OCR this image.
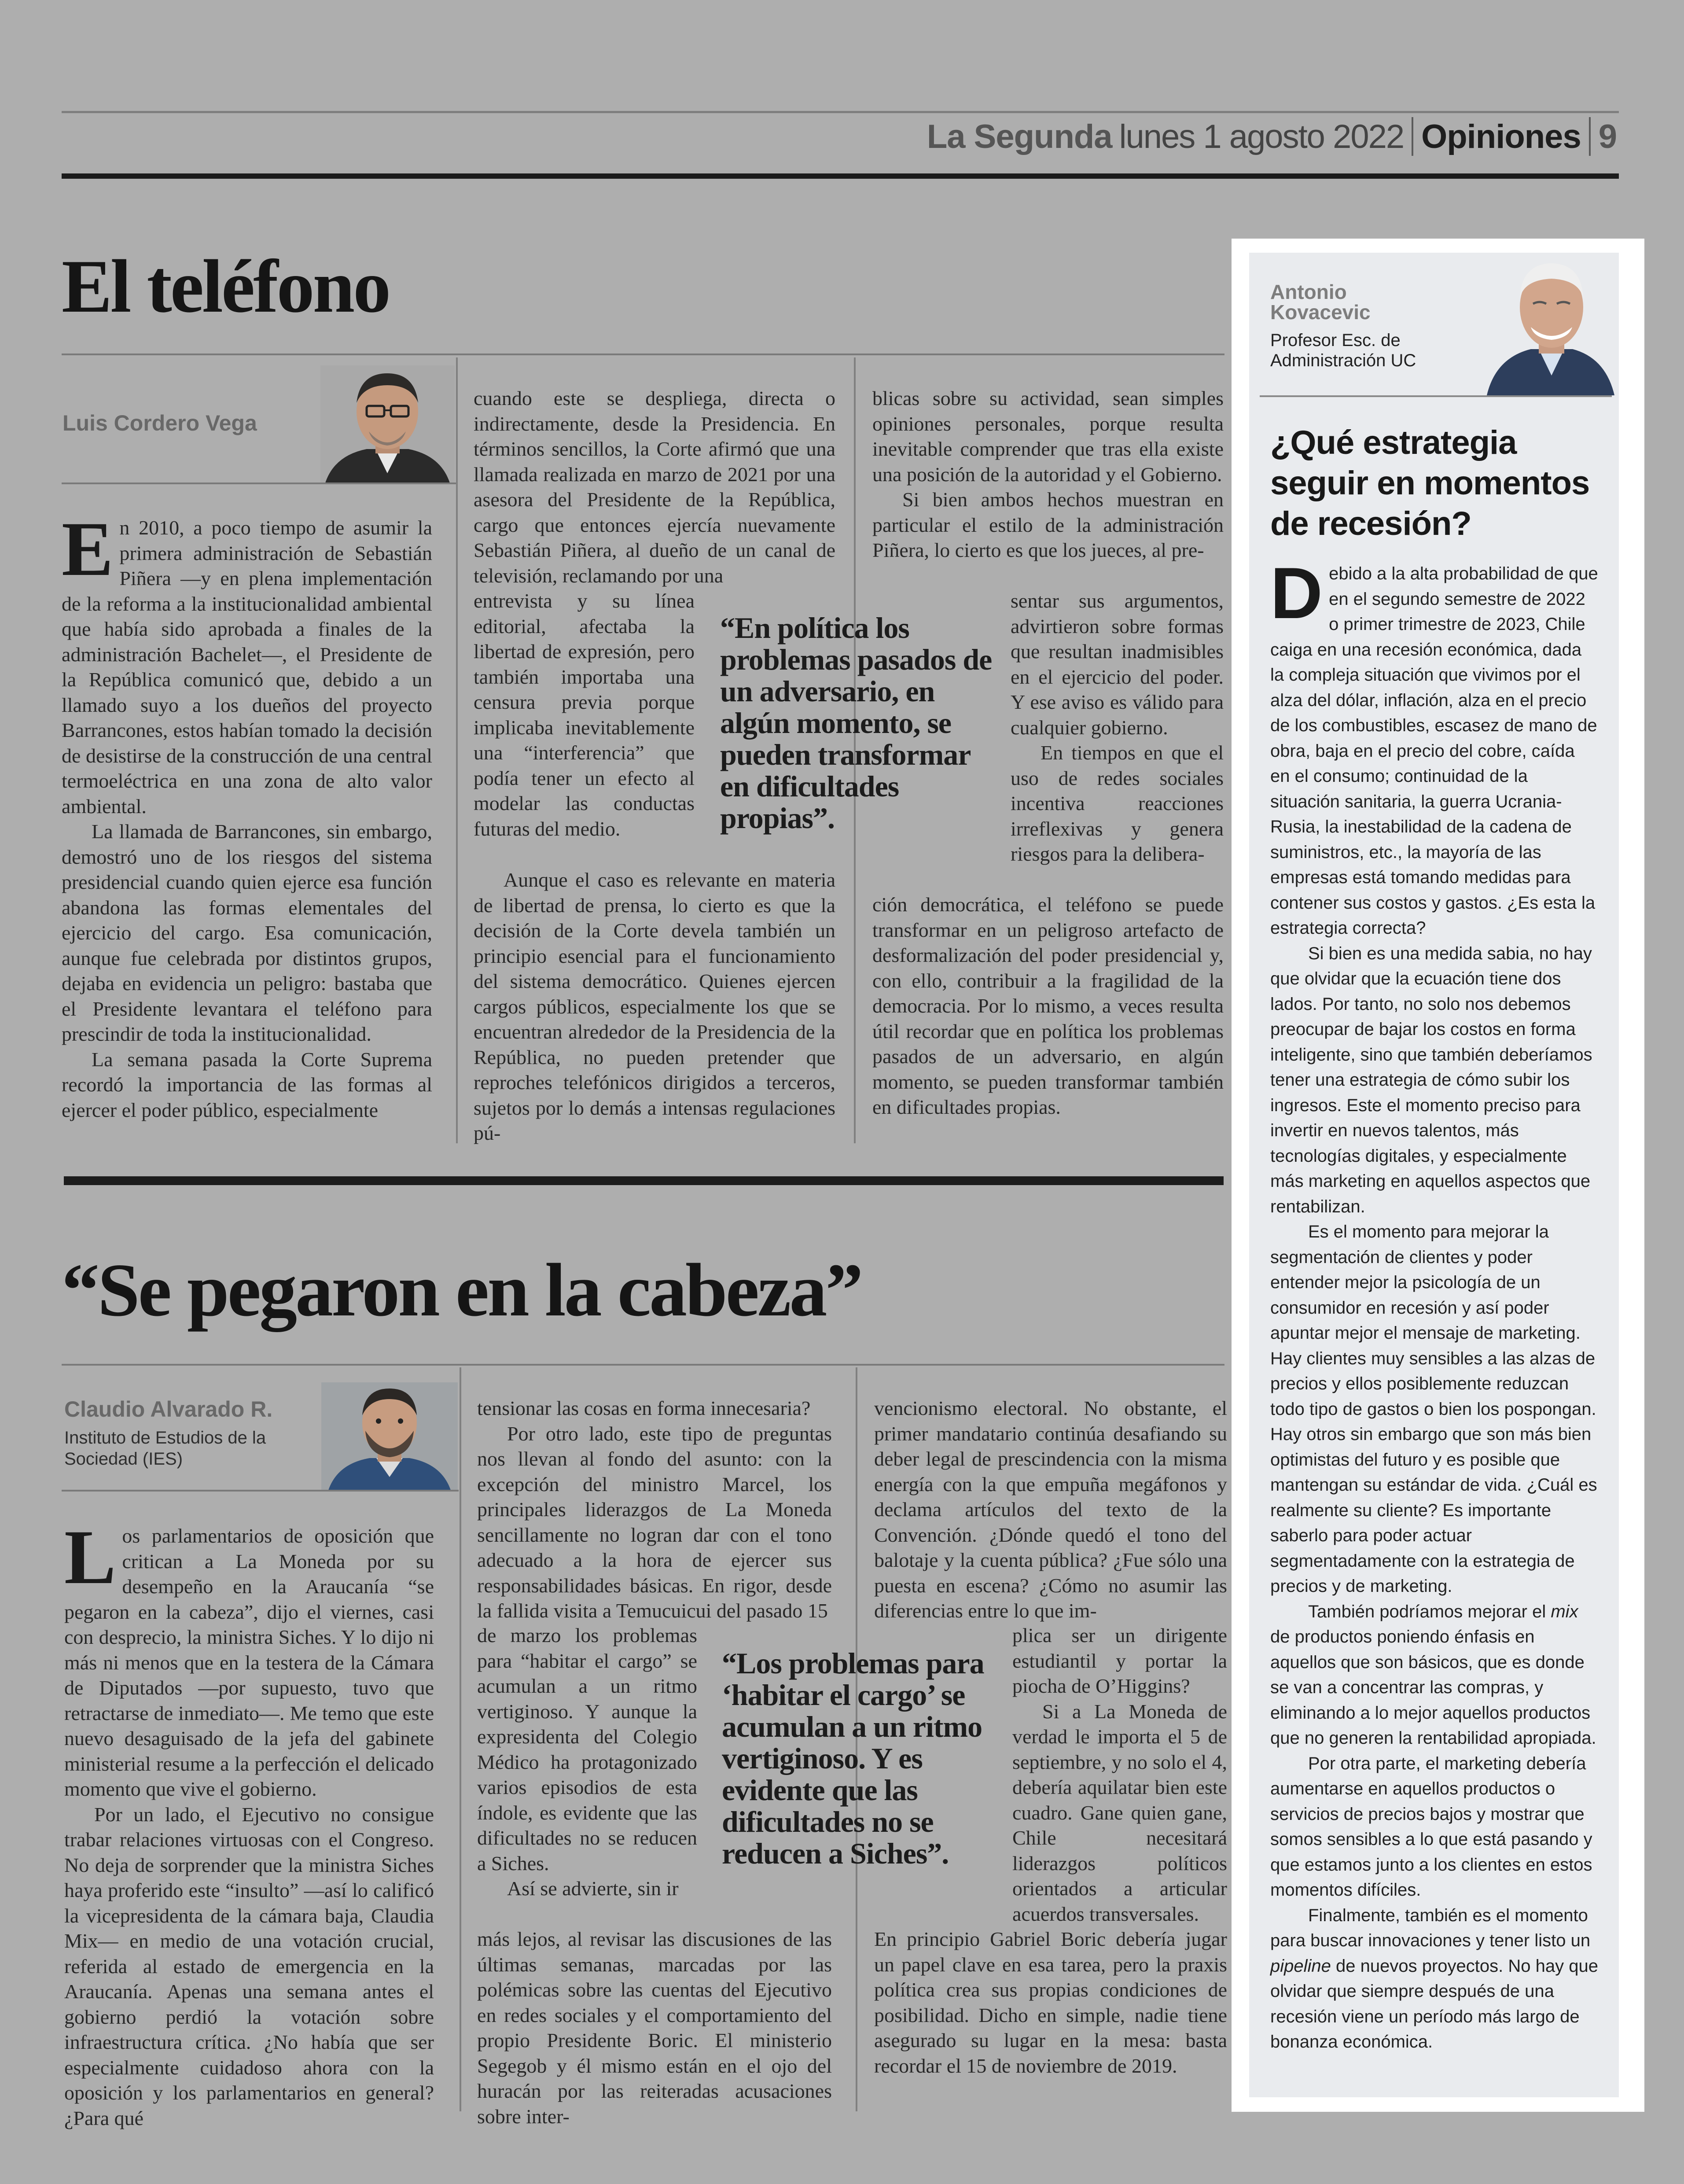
La Segunda lunes 1 agosto 2022 Opiniones 9
El teléfono
Luis Cordero Vega

En 2010, a poco tiempo de asumir la primera administración de Sebastián Piñera —y en plena implementación de la reforma a la institucionalidad ambiental que había sido aprobada a finales de la administración Bachelet—, el Presidente de la República comunicó que, debido a un llamado suyo a los dueños del proyecto Barrancones, estos habían tomado la decisión de desistirse de la construcción de una central termoeléctrica en una zona de alto valor ambiental.

La llamada de Barrancones, sin embargo, demostró uno de los riesgos del sistema presidencial cuando quien ejerce esa función abandona las formas elementales del ejercicio del cargo. Esa comunicación, aunque fue celebrada por distintos grupos, dejaba en evidencia un peligro: bastaba que el Presidente levantara el teléfono para prescindir de toda la institucionalidad.

La semana pasada la Corte Suprema recordó la importancia de las formas al ejercer el poder público, especialmente

cuando este se despliega, directa o indirectamente, desde la Presidencia. En términos sencillos, la Corte afirmó que una llamada realizada en marzo de 2021 por una asesora del Presidente de la República, cargo que entonces ejercía nuevamente Sebastián Piñera, al dueño de un canal de televisión, reclamando por una

entrevista y su línea editorial, afectaba la libertad de expresión, pero también importaba una censura previa porque implicaba inevitablemente una “interferencia” que podía tener un efecto al modelar las conductas futuras del medio.

Aunque el caso es relevante en materia de libertad de prensa, lo cierto es que la decisión de la Corte devela también un principio esencial para el funcionamiento del sistema democrático. Quienes ejercen cargos públicos, especialmente los que se encuentran alrededor de la Presidencia de la República, no pueden pretender que reproches telefónicos dirigidos a terceros, sujetos por lo demás a intensas regulaciones pú-

blicas sobre su actividad, sean simples opiniones personales, porque resulta inevitable comprender que tras ella existe una posición de la autoridad y el Gobierno.

Si bien ambos hechos muestran en particular el estilo de la administración Piñera, lo cierto es que los jueces, al pre-

sentar sus argumentos, advirtieron sobre formas que resultan inadmisibles en el ejercicio del poder. Y ese aviso es válido para cualquier gobierno.

En tiempos en que el uso de redes sociales incentiva reacciones irreflexivas y genera riesgos para la delibera-

ción democrática, el teléfono se puede transformar en un peligroso artefacto de desformalización del poder presidencial y, con ello, contribuir a la fragilidad de la democracia. Por lo mismo, a veces resulta útil recordar que en política los problemas pasados de un adversario, en algún momento, se pueden transformar también en dificultades propias.

“En política los problemas pasados de un adversario, en algún momento, se pueden transformar en dificultades propias”.
“Se pegaron en la cabeza”
Claudio Alvarado R.
Instituto de Estudios de la Sociedad (IES)

Los parlamentarios de oposición que critican a La Moneda por su desempeño en la Araucanía “se pegaron en la cabeza”, dijo el viernes, casi con desprecio, la ministra Siches. Y lo dijo ni más ni menos que en la testera de la Cámara de Diputados —por supuesto, tuvo que retractarse de inmediato—. Me temo que este nuevo desaguisado de la jefa del gabinete ministerial resume a la perfección el delicado momento que vive el gobierno.

Por un lado, el Ejecutivo no consigue trabar relaciones virtuosas con el Congreso. No deja de sorprender que la ministra Siches haya proferido este “insulto” —así lo calificó la vicepresidenta de la cámara baja, Claudia Mix— en medio de una votación crucial, referida al estado de emergencia en la Araucanía. Apenas una semana antes el gobierno perdió la votación sobre infraestructura crítica. ¿No había que ser especialmente cuidadoso ahora con la oposición y los parlamentarios en general? ¿Para qué

tensionar las cosas en forma innecesaria?

Por otro lado, este tipo de preguntas nos llevan al fondo del asunto: con la excepción del ministro Marcel, los principales liderazgos de La Moneda sencillamente no logran dar con el tono adecuado a la hora de ejercer sus responsabilidades básicas. En rigor, desde la fallida visita a Temucuicui del pasado 15

de marzo los problemas para “habitar el cargo” se acumulan a un ritmo vertiginoso. Y aunque la expresidenta del Colegio Médico ha protagonizado varios episodios de esta índole, es evidente que las dificultades no se reducen a Siches.

Así se advierte, sin ir

más lejos, al revisar las discusiones de las últimas semanas, marcadas por las polémicas sobre las cuentas del Ejecutivo en redes sociales y el comportamiento del propio Presidente Boric. El ministerio Segegob y él mismo están en el ojo del huracán por las reiteradas acusaciones sobre inter-

vencionismo electoral. No obstante, el primer mandatario continúa desafiando su deber legal de prescindencia con la misma energía con la que empuña megáfonos y declama artículos del texto de la Convención. ¿Dónde quedó el tono del balotaje y la cuenta pública? ¿Fue sólo una puesta en escena? ¿Cómo no asumir las diferencias entre lo que im-

plica ser un dirigente estudiantil y portar la piocha de O’Higgins?

Si a La Moneda de verdad le importa el 5 de septiembre, y no solo el 4, debería aquilatar bien este cuadro. Gane quien gane, Chile necesitará liderazgos políticos orientados a articular acuerdos transversales.

En principio Gabriel Boric debería jugar un papel clave en esa tarea, pero la praxis política crea sus propias condiciones de posibilidad. Dicho en simple, nadie tiene asegurado su lugar en la mesa: basta recordar el 15 de noviembre de 2019.

“Los problemas para ‘habitar el cargo’ se acumulan a un ritmo vertiginoso. Y es evidente que las dificultades no se reducen a Siches”.
Antonio Kovacevic
Profesor Esc. de Administración UC
¿Qué estrategia seguir en momentos de recesión?

Debido a la alta probabilidad de que en el segundo semestre de 2022 o primer trimestre de 2023, Chile caiga en una recesión económica, dada la compleja situación que vivimos por el alza del dólar, inflación, alza en el precio de los combustibles, escasez de mano de obra, baja en el precio del cobre, caída en el consumo; continuidad de la situación sanitaria, la guerra Ucrania-Rusia, la inestabilidad de la cadena de suministros, etc., la mayoría de las empresas está tomando medidas para contener sus costos y gastos. ¿Es esta la estrategia correcta?

Si bien es una medida sabia, no hay que olvidar que la ecuación tiene dos lados. Por tanto, no solo nos debemos preocupar de bajar los costos en forma inteligente, sino que también deberíamos tener una estrategia de cómo subir los ingresos. Este el momento preciso para invertir en nuevos talentos, más tecnologías digitales, y especialmente más marketing en aquellos aspectos que rentabilizan.

Es el momento para mejorar la segmentación de clientes y poder entender mejor la psicología de un consumidor en recesión y así poder apuntar mejor el mensaje de marketing. Hay clientes muy sensibles a las alzas de precios y ellos posiblemente reduzcan todo tipo de gastos o bien los pospongan. Hay otros sin embargo que son más bien optimistas del futuro y es posible que mantengan su estándar de vida. ¿Cuál es realmente su cliente? Es importante saberlo para poder actuar segmentadamente con la estrategia de precios y de marketing.

También podríamos mejorar el mix de productos poniendo énfasis en aquellos que son básicos, que es donde se van a concentrar las compras, y eliminando a lo mejor aquellos productos que no generen la rentabilidad apropiada.

Por otra parte, el marketing debería aumentarse en aquellos productos o servicios de precios bajos y mostrar que somos sensibles a lo que está pasando y que estamos junto a los clientes en estos momentos difíciles.

Finalmente, también es el momento para buscar innovaciones y tener listo un pipeline de nuevos proyectos. No hay que olvidar que siempre después de una recesión viene un período más largo de bonanza económica.
